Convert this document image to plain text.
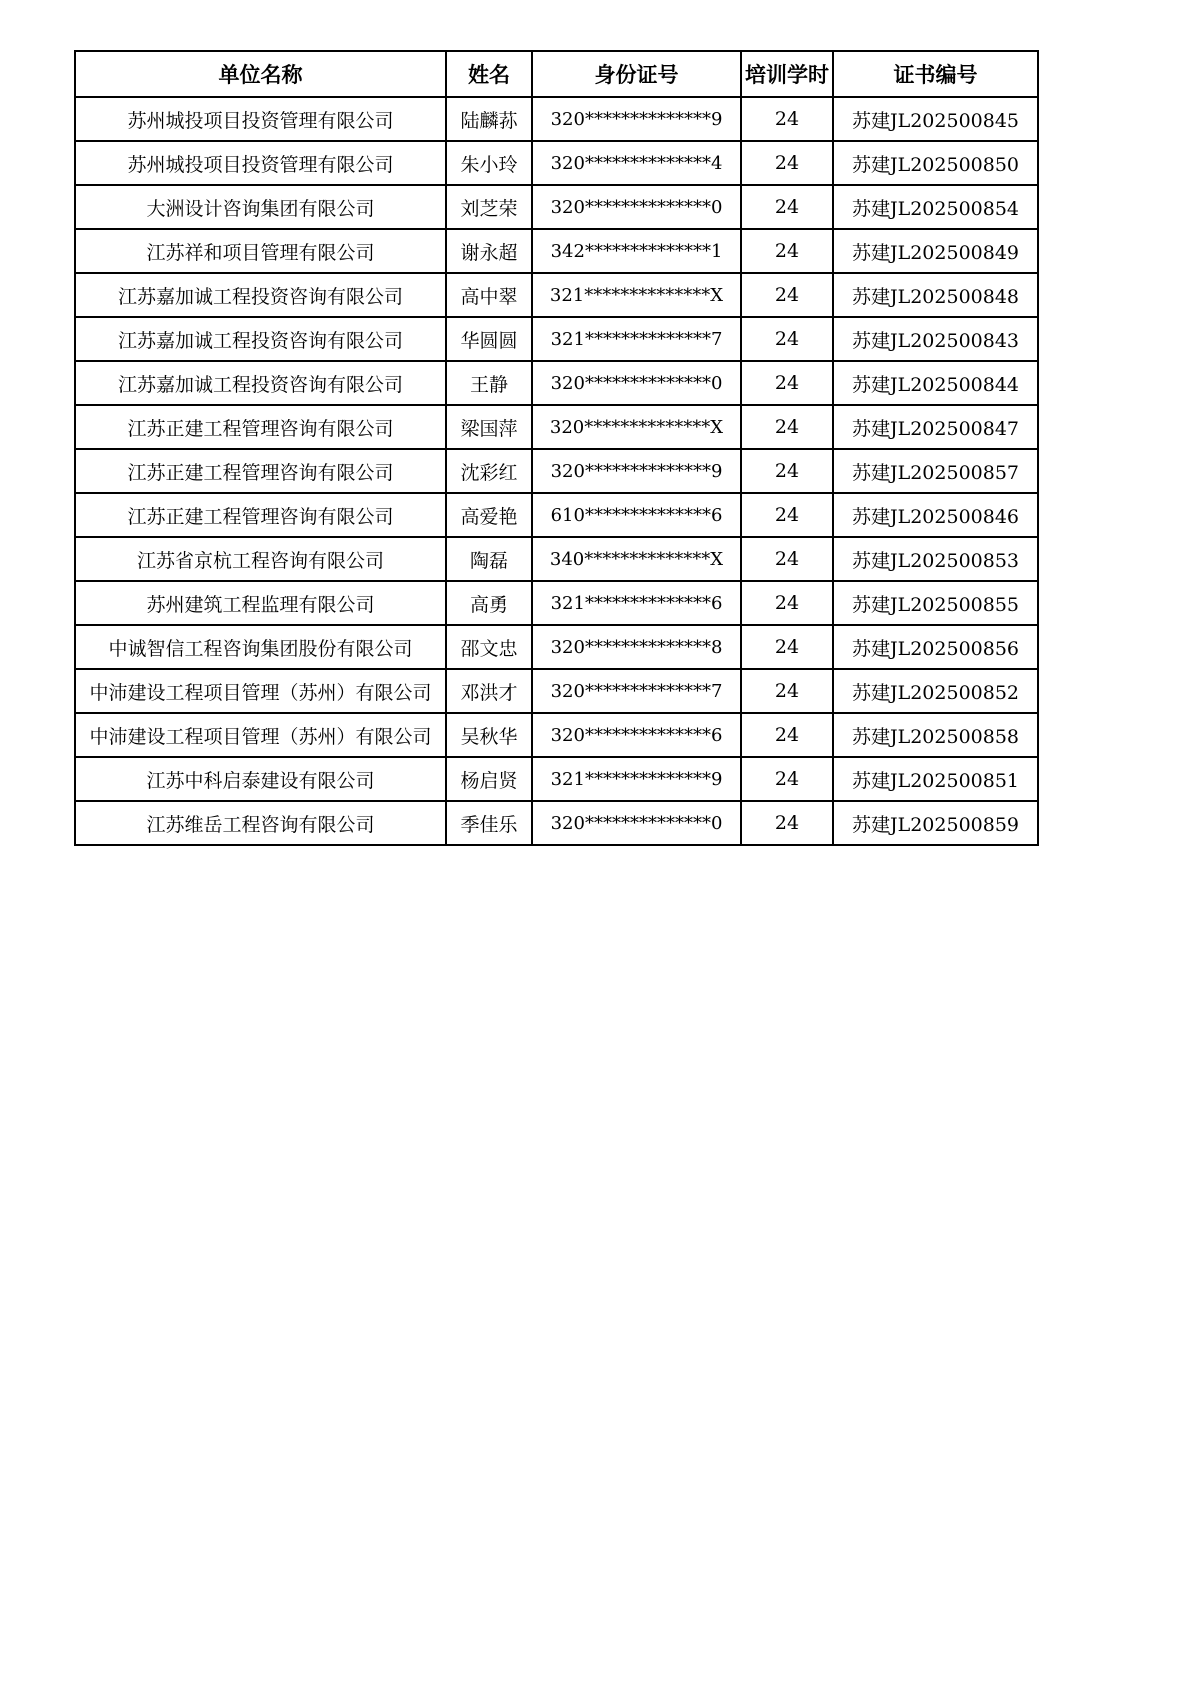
单位名称	姓名	身份证号	培训学时	证书编号
苏州城投项目投资管理有限公司	陆麟荪	320**************9	24	苏建JL202500845
苏州城投项目投资管理有限公司	朱小玲	320**************4	24	苏建JL202500850
大洲设计咨询集团有限公司	刘芝荣	320**************0	24	苏建JL202500854
江苏祥和项目管理有限公司	谢永超	342**************1	24	苏建JL202500849
江苏嘉加诚工程投资咨询有限公司	高中翠	321**************X	24	苏建JL202500848
江苏嘉加诚工程投资咨询有限公司	华圆圆	321**************7	24	苏建JL202500843
江苏嘉加诚工程投资咨询有限公司	王静	320**************0	24	苏建JL202500844
江苏正建工程管理咨询有限公司	梁国萍	320**************X	24	苏建JL202500847
江苏正建工程管理咨询有限公司	沈彩红	320**************9	24	苏建JL202500857
江苏正建工程管理咨询有限公司	高爱艳	610**************6	24	苏建JL202500846
江苏省京杭工程咨询有限公司	陶磊	340**************X	24	苏建JL202500853
苏州建筑工程监理有限公司	高勇	321**************6	24	苏建JL202500855
中诚智信工程咨询集团股份有限公司	邵文忠	320**************8	24	苏建JL202500856
中沛建设工程项目管理（苏州）有限公司	邓洪才	320**************7	24	苏建JL202500852
中沛建设工程项目管理（苏州）有限公司	吴秋华	320**************6	24	苏建JL202500858
江苏中科启泰建设有限公司	杨启贤	321**************9	24	苏建JL202500851
江苏维岳工程咨询有限公司	季佳乐	320**************0	24	苏建JL202500859
